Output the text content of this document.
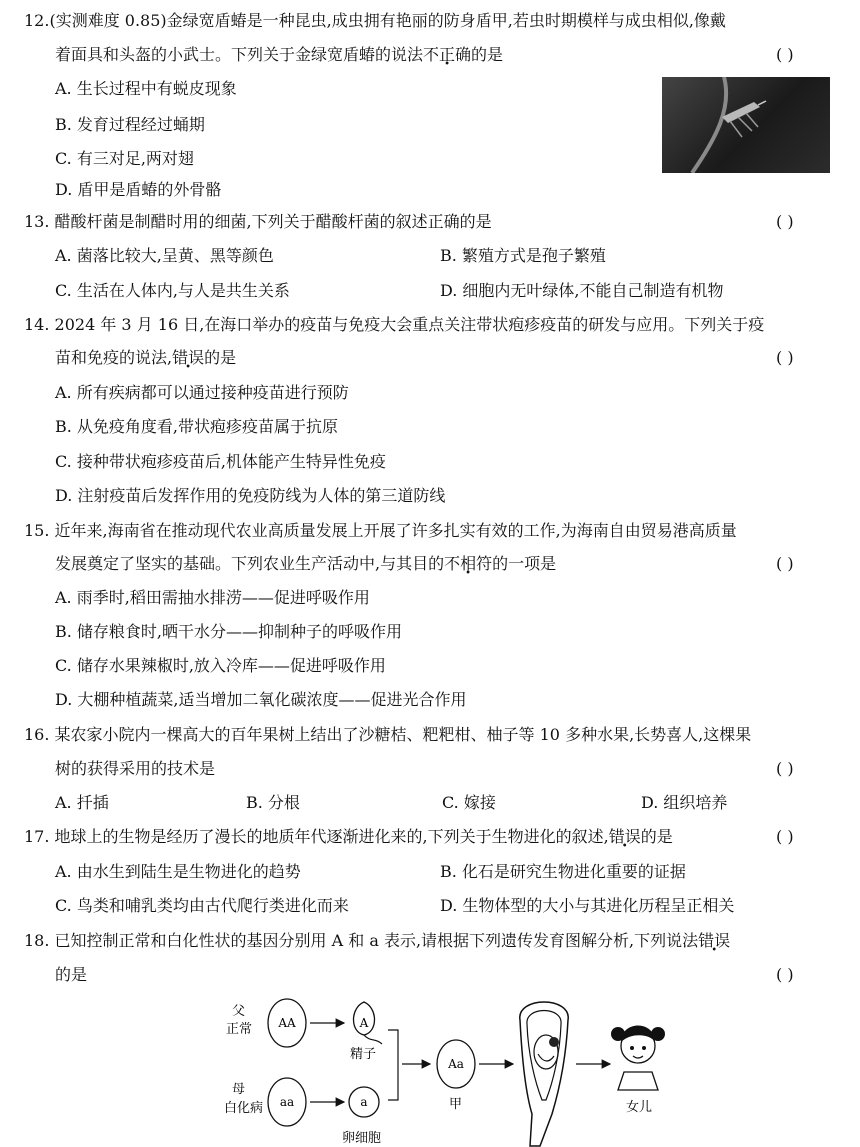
12.(实测难度 0.85)金绿宽盾蝽是一种昆虫,成虫拥有艳丽的防身盾甲,若虫时期模样与成虫相似,像戴
着面具和头盔的小武士。下列关于金绿宽盾蝽的说法不正确的是	( )
A. 生长过程中有蜕皮现象
B. 发育过程经过蛹期
C. 有三对足,两对翅
D. 盾甲是盾蝽的外骨骼
13. 醋酸杆菌是制醋时用的细菌,下列关于醋酸杆菌的叙述正确的是	( )
A. 菌落比较大,呈黄、黑等颜色	B. 繁殖方式是孢子繁殖
C. 生活在人体内,与人是共生关系	D. 细胞内无叶绿体,不能自己制造有机物
14. 2024 年 3 月 16 日,在海口举办的疫苗与免疫大会重点关注带状疱疹疫苗的研发与应用。下列关于疫
苗和免疫的说法,错误的是	( )
A. 所有疾病都可以通过接种疫苗进行预防
B. 从免疫角度看,带状疱疹疫苗属于抗原
C. 接种带状疱疹疫苗后,机体能产生特异性免疫
D. 注射疫苗后发挥作用的免疫防线为人体的第三道防线
15. 近年来,海南省在推动现代农业高质量发展上开展了许多扎实有效的工作,为海南自由贸易港高质量
发展奠定了坚实的基础。下列农业生产活动中,与其目的不相符的一项是	( )
A. 雨季时,稻田需抽水排涝——促进呼吸作用
B. 储存粮食时,晒干水分——抑制种子的呼吸作用
C. 储存水果辣椒时,放入冷库——促进呼吸作用
D. 大棚种植蔬菜,适当增加二氧化碳浓度——促进光合作用
16. 某农家小院内一棵高大的百年果树上结出了沙糖桔、粑粑柑、柚子等 10 多种水果,长势喜人,这棵果
树的获得采用的技术是	( )
A. 扦插	B. 分根	C. 嫁接	D. 组织培养
17. 地球上的生物是经历了漫长的地质年代逐渐进化来的,下列关于生物进化的叙述,错误的是	( )
A. 由水生到陆生是生物进化的趋势	B. 化石是研究生物进化重要的证据
C. 鸟类和哺乳类均由古代爬行类进化而来	D. 生物体型的大小与其进化历程呈正相关
18. 已知控制正常和白化性状的基因分别用 A 和 a 表示,请根据下列遗传发育图解分析,下列说法错误
的是	( )
父
正常 AA	A
精子
母
白化病 aa	a
卵细胞
Aa
甲	女儿
